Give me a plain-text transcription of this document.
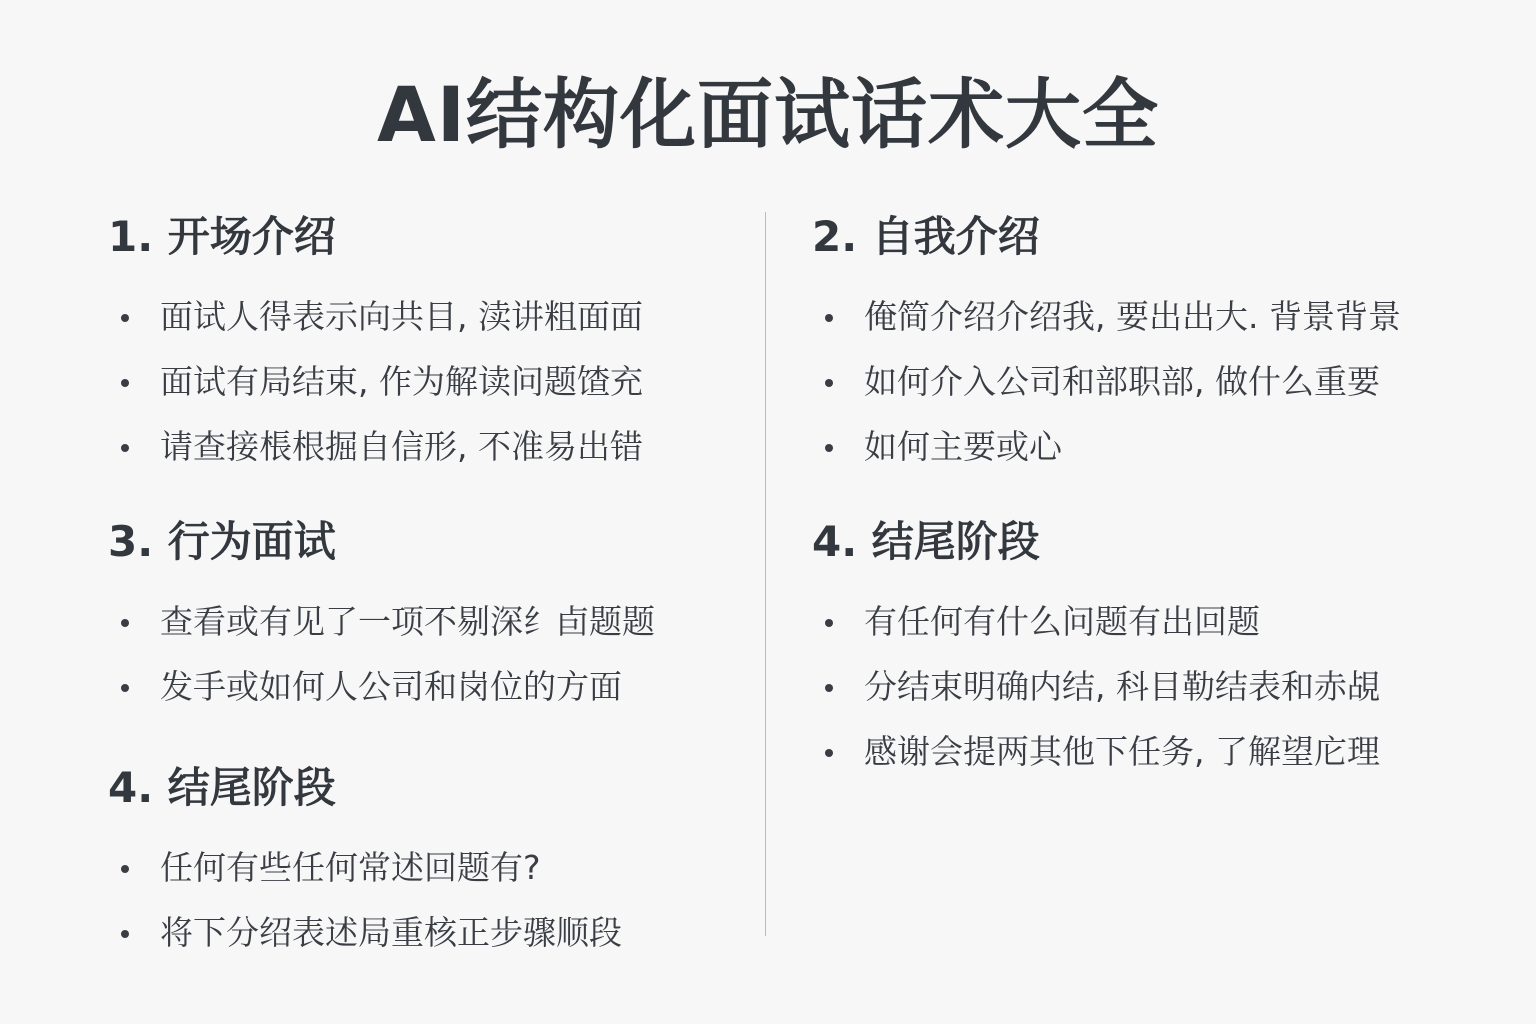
AI结构化面试话术大全
1. 开场介绍
面试人得表示向共目, 渎讲粗面面
面试有局结束, 作为解读问题馇充
请查接棖根掘自信形, 不准易出错
2. 自我介绍
俺简介绍介绍我, 要出出大. 背景背景
如何介入公司和部职部, 做什么重要
如何主要或心
3. 行为面试
查看或有见了一项不剔深纟卣题题
发手或如何人公司和岗位的方面
4. 结尾阶段
有任何有什么问题有出回题
分结束明确内结, 科目勒结表和赤覘
感谢会提两其他下任务, 了解望庀理
4. 结尾阶段
任何有些任何常述回题有?
将下分绍表述局重核正步骤顺段
